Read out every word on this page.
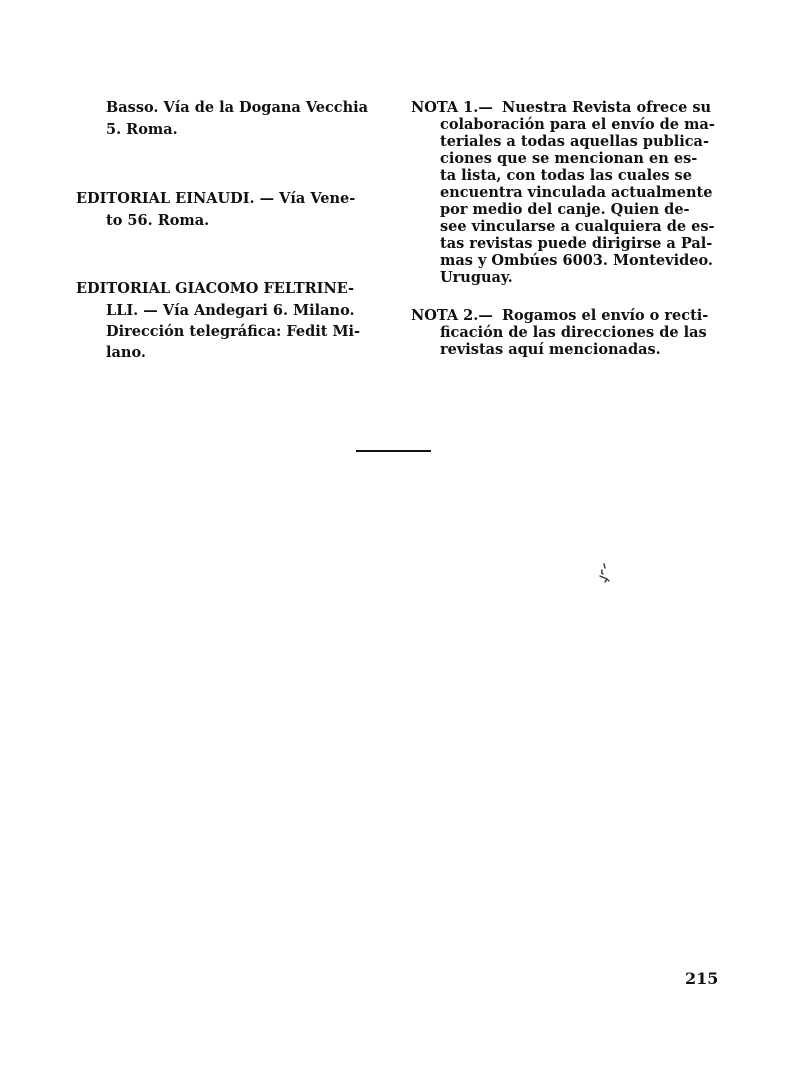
Basso. Vía de la Dogana Vecchia
5. Roma.
EDITORIAL EINAUDI. — Vía Vene-
to 56. Roma.
EDITORIAL GIACOMO FELTRINE-
LLI. — Vía Andegari 6. Milano.
Dirección telegráfica: Fedit Mi-
lano.
NOTA 1.— Nuestra Revista ofrece su
colaboración para el envío de ma-
teriales a todas aquellas publica-
ciones que se mencionan en es-
ta lista, con todas las cuales se
encuentra vinculada actualmente
por medio del canje. Quien de-
see vincularse a cualquiera de es-
tas revistas puede dirigirse a Pal-
mas y Ombúes 6003. Montevideo.
Uruguay.
NOTA 2.— Rogamos el envío o recti-
ficación de las direcciones de las
revistas aquí mencionadas.
215
